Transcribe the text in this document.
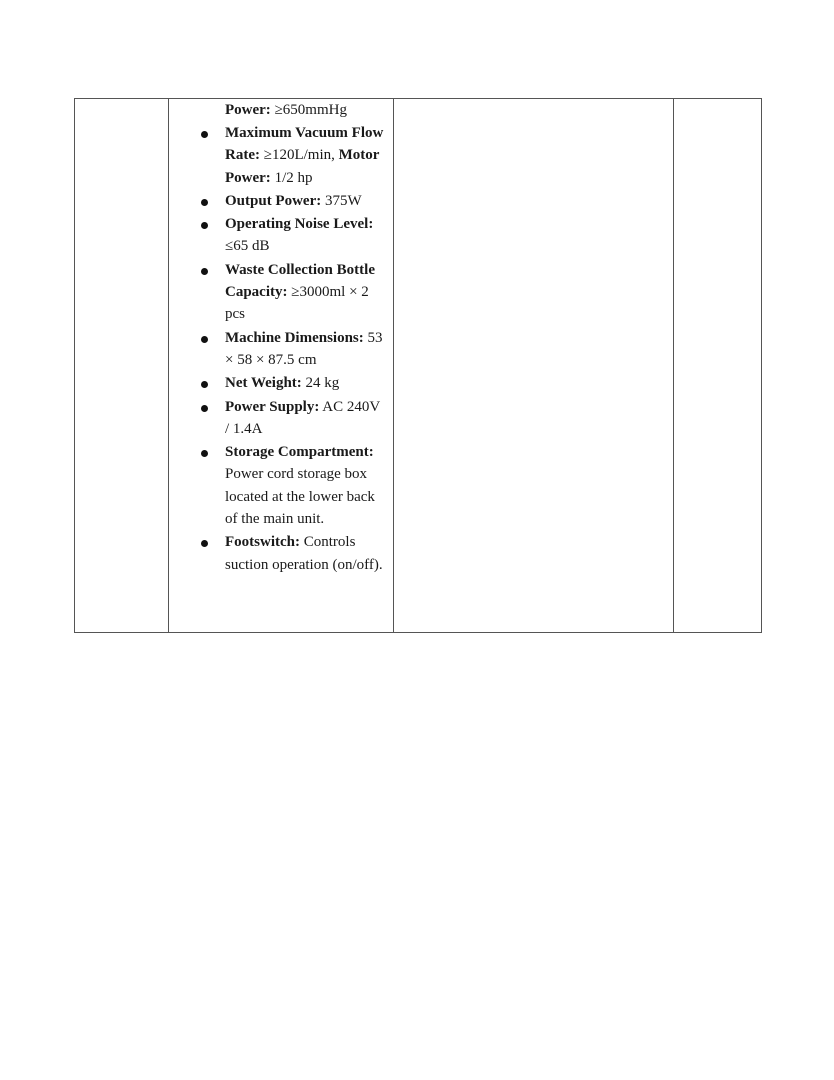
Power: ≥650mmHg
Maximum Vacuum Flow Rate: ≥120L/min, Motor Power: 1/2 hp
Output Power: 375W
Operating Noise Level: ≤65 dB
Waste Collection Bottle Capacity: ≥3000ml × 2 pcs
Machine Dimensions: 53 × 58 × 87.5 cm
Net Weight: 24 kg
Power Supply: AC 240V / 1.4A
Storage Compartment: Power cord storage box located at the lower back of the main unit.
Footswitch: Controls suction operation (on/off).
